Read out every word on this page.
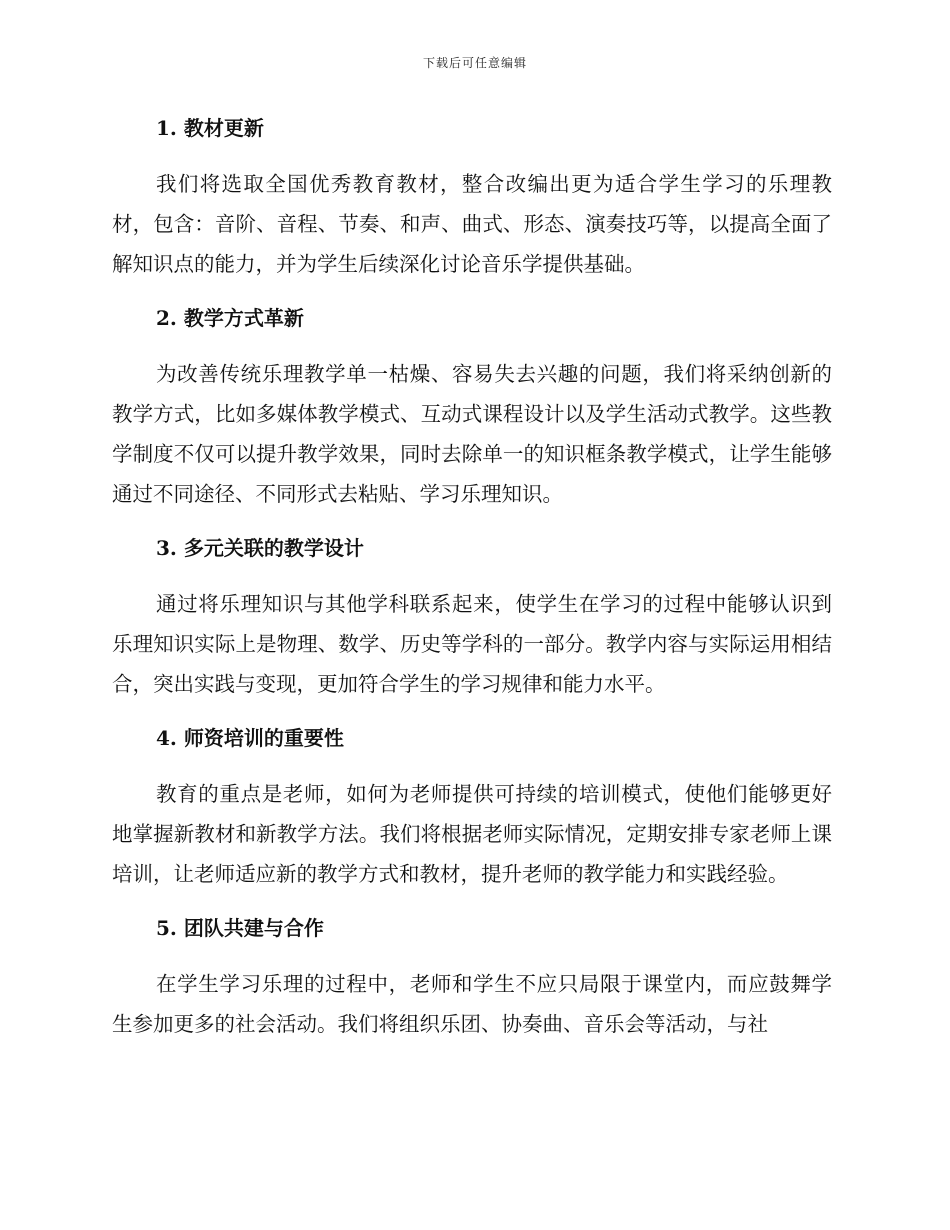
下载后可任意编辑
1. 教材更新

我们将选取全国优秀教育教材，整合改编出更为适合学生学习的乐理教材，包含：音阶、音程、节奏、和声、曲式、形态、演奏技巧等，以提高全面了解知识点的能力，并为学生后续深化讨论音乐学提供基础。

2. 教学方式革新

为改善传统乐理教学单一枯燥、容易失去兴趣的问题，我们将采纳创新的教学方式，比如多媒体教学模式、互动式课程设计以及学生活动式教学。这些教学制度不仅可以提升教学效果，同时去除单一的知识框条教学模式，让学生能够通过不同途径、不同形式去粘贴、学习乐理知识。

3. 多元关联的教学设计

通过将乐理知识与其他学科联系起来，使学生在学习的过程中能够认识到乐理知识实际上是物理、数学、历史等学科的一部分。教学内容与实际运用相结合，突出实践与变现，更加符合学生的学习规律和能力水平。

4. 师资培训的重要性

教育的重点是老师，如何为老师提供可持续的培训模式，使他们能够更好地掌握新教材和新教学方法。我们将根据老师实际情况，定期安排专家老师上课培训，让老师适应新的教学方式和教材，提升老师的教学能力和实践经验。

5. 团队共建与合作

在学生学习乐理的过程中，老师和学生不应只局限于课堂内，而应鼓舞学生参加更多的社会活动。我们将组织乐团、协奏曲、音乐会等活动，与社
